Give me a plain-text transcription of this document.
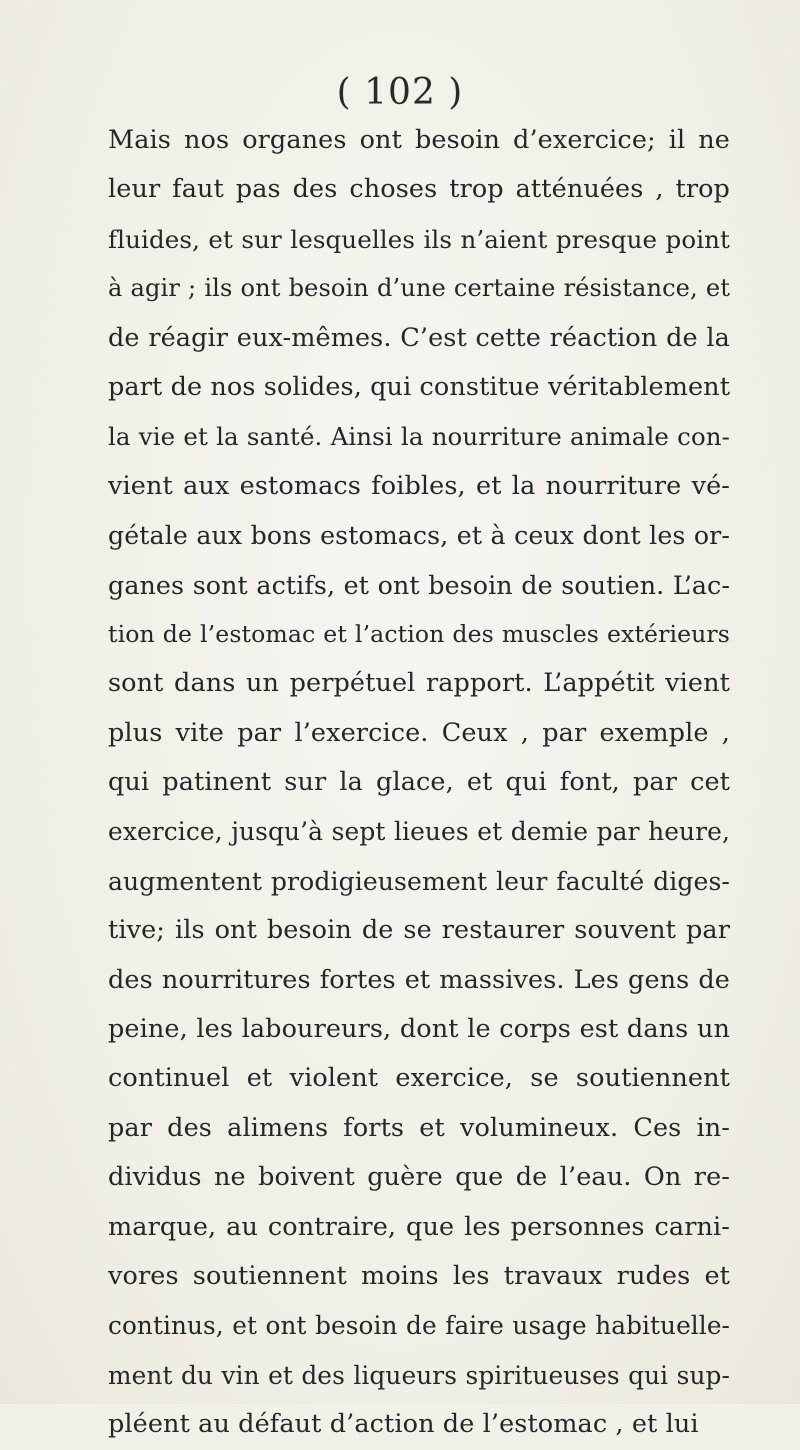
( 102 )
Mais nos organes ont besoin d’exercice; il ne
leur faut pas des choses trop atténuées , trop
fluides, et sur lesquelles ils n’aient presque point
à agir ; ils ont besoin d’une certaine résistance, et
de réagir eux-mêmes. C’est cette réaction de la
part de nos solides, qui constitue véritablement
la vie et la santé. Ainsi la nourriture animale con-
vient aux estomacs foibles, et la nourriture vé-
gétale aux bons estomacs, et à ceux dont les or-
ganes sont actifs, et ont besoin de soutien. L’ac-
tion de l’estomac et l’action des muscles extérieurs
sont dans un perpétuel rapport. L’appétit vient
plus vite par l’exercice. Ceux , par exemple ,
qui patinent sur la glace, et qui font, par cet
exercice, jusqu’à sept lieues et demie par heure,
augmentent prodigieusement leur faculté diges-
tive; ils ont besoin de se restaurer souvent par
des nourritures fortes et massives. Les gens de
peine, les laboureurs, dont le corps est dans un
continuel et violent exercice, se soutiennent
par des alimens forts et volumineux. Ces in-
dividus ne boivent guère que de l’eau. On re-
marque, au contraire, que les personnes carni-
vores soutiennent moins les travaux rudes et
continus, et ont besoin de faire usage habituelle-
ment du vin et des liqueurs spiritueuses qui sup-
pléent au défaut d’action de l’estomac , et lui
